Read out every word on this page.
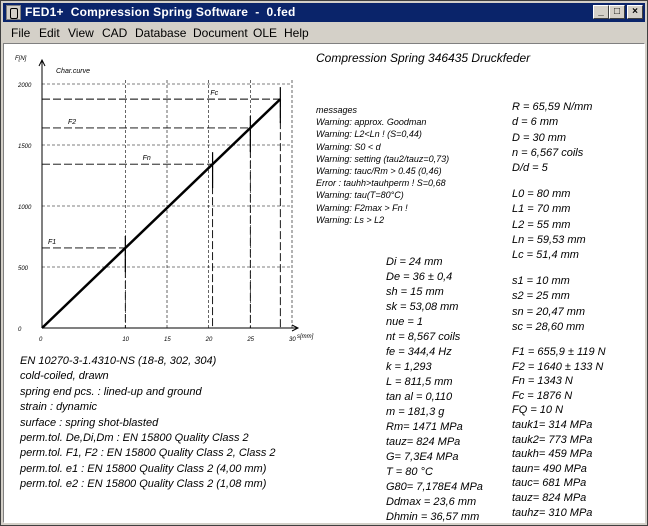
FED1+  Compression Spring Software  -  0.fed	_	□	×
File Edit View CAD Database Document OLE Help
Compression Spring 346435 Druckfeder
Char.curve
F[N]
s[mm]
F1
F2
Fn
Fc
0
500
1000
1500
2000
0	10	15	20	25	30
messages
Warning: approx. Goodman
Warning: L2<Ln ! (S=0,44)
Warning: S0 < d
Warning: setting (tau2/tauz=0,73)
Warning: tauc/Rm > 0.45 (0,46)
Error : tauhh>tauhperm ! S=0,68
Warning: tau(T=80°C)
Warning: F2max > Fn !
Warning: Ls > L2
Di = 24 mm
De = 36 ± 0,4
sh = 15 mm
sk = 53,08 mm
nue = 1
nt = 8,567 coils
fe = 344,4 Hz
k = 1,293
L = 811,5 mm
tan al = 0,110
m = 181,3 g
Rm= 1471 MPa
tauz= 824 MPa
G= 7,3E4 MPa
T = 80 °C
G80= 7,178E4 MPa
Ddmax = 23,6 mm
Dhmin = 36,57 mm
R = 65,59 N/mm
d = 6 mm
D = 30 mm
n = 6,567 coils
D/d = 5
L0 = 80 mm
L1 = 70 mm
L2 = 55 mm
Ln = 59,53 mm
Lc = 51,4 mm
s1 = 10 mm
s2 = 25 mm
sn = 20,47 mm
sc = 28,60 mm
F1 = 655,9 ± 119 N
F2 = 1640 ± 133 N
Fn = 1343 N
Fc = 1876 N
FQ = 10 N
tauk1= 314 MPa
tauk2= 773 MPa
taukh= 459 MPa
taun= 490 MPa
tauc= 681 MPa
tauz= 824 MPa
tauhz= 310 MPa
EN 10270-3-1.4310-NS (18-8, 302, 304)
cold-coiled, drawn
spring end pcs. : lined-up and ground
strain : dynamic
surface : spring shot-blasted
perm.tol. De,Di,Dm : EN 15800 Quality Class 2
perm.tol. F1, F2 : EN 15800 Quality Class 2, Class 2
perm.tol. e1 : EN 15800 Quality Class 2 (4,00 mm)
perm.tol. e2 : EN 15800 Quality Class 2 (1,08 mm)
